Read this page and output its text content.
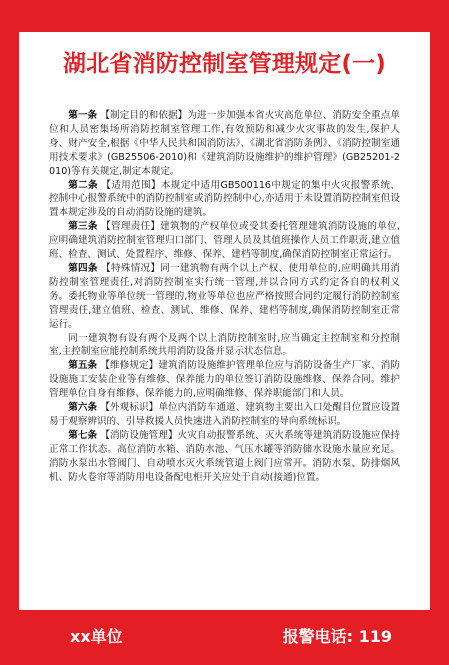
湖北省消防控制室管理规定(一)

第一条 【制定目的和依据】为进一步加强本省火灾高危单位、消防安全重点单位和人员密集场所消防控制室管理工作,有效预防和减少火灾事故的发生,保护人身、财产安全,根据《中华人民共和国消防法》、《湖北省消防条例》、《消防控制室通用技术要求》(GB25506-2010)和《建筑消防设施维护的维护管理》(GB25201-2010)等有关规定,制定本规定。

第二条 【适用范围】本规定中适用GB500116中规定的集中火灾报警系统、控制中心报警系统中的消防控制室或消防控制中心,亦适用于未设置消防控制室但设置本规定涉及的自动消防设施的建筑。

第三条 【管理责任】建筑物的产权单位或受其委托管理建筑消防设施的单位,应明确建筑消防控制室管理归口部门、管理人员及其值班操作人员工作职责,建立值班、检查、测试、处置程序、维修、保养、建档等制度,确保消防控制室正常运行。

第四条 【特殊情况】同一建筑物有两个以上产权、使用单位的,应明确共用消防控制室管理责任,对消防控制室实行统一管理,并以合同方式约定各自的权利义务。委托物业等单位统一管理的,物业等单位也应严格按照合同约定履行消防控制室管理责任,建立值班、检查、测试、维修、保养、建档等制度,确保消防控制室正常运行。

同一建筑物有设有两个及两个以上消防控制室时,应当确定主控制室和分控制室,主控制室应能控制系统共用消防设备并显示状态信息。

第五条 【维修规定】建筑消防设施维护管理单位应与消防设备生产厂家、消防设施施工安装企业等有维修、保养能力的单位签订消防设施维修、保养合同。维护管理单位自身有维修、保养能力的,应明确维修、保养职能部门和人员。

第六条 【外观标识】单位内消防车通道、建筑物主要出入口处醒目位置应设置易于观察辨识的、引导救援人员快速进入消防控制室的导向系统标识。

第七条 【消防设施管理】火灾自动报警系统、灭火系统等建筑消防设施应保持正常工作状态。高位消防水箱、消防水池、气压水罐等消防储水设施水量应充足。消防水泵出水管阀门、自动喷水灭火系统管道上阀门应常开。消防水泵、防排烟风机、防火卷帘等消防用电设备配电柜开关应处于自动(接通)位置。

xx单位	报警电话: 119
